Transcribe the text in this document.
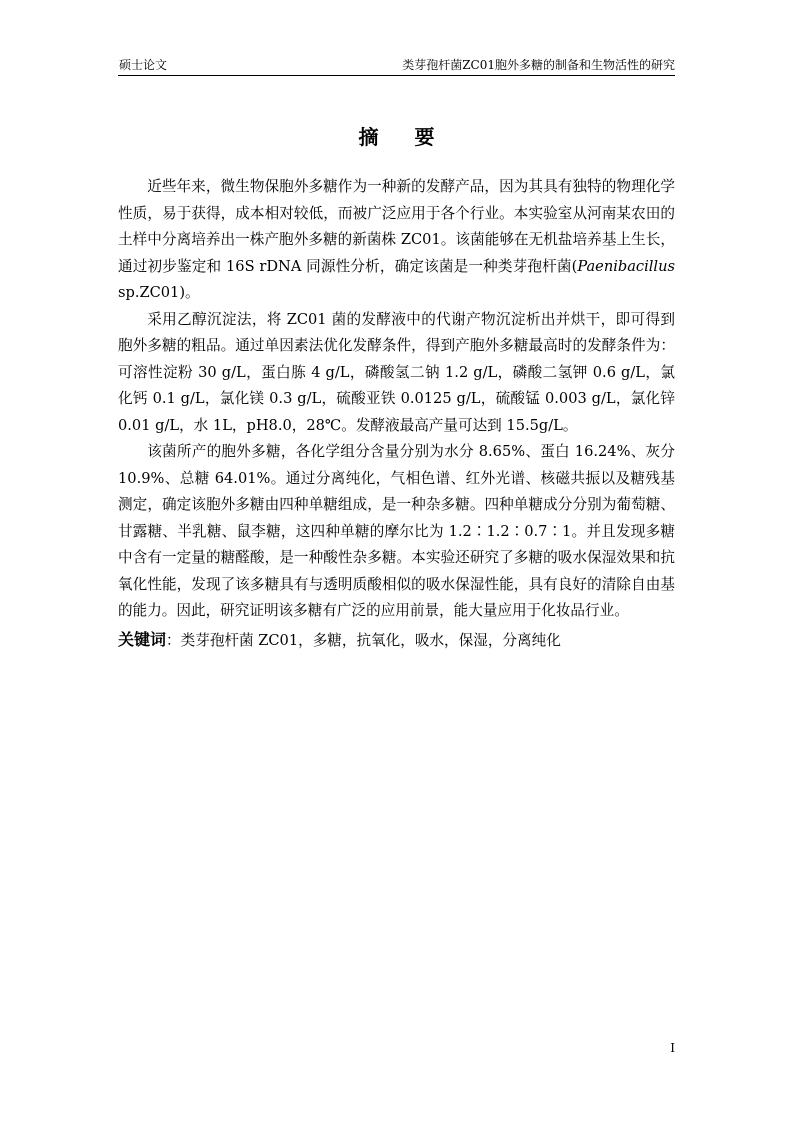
硕士论文	类芽孢杆菌ZC01胞外多糖的制备和生物活性的研究
摘 要

近些年来，微生物保胞外多糖作为一种新的发酵产品，因为其具有独特的物理化学性质，易于获得，成本相对较低，而被广泛应用于各个行业。本实验室从河南某农田的土样中分离培养出一株产胞外多糖的新菌株 ZC01。该菌能够在无机盐培养基上生长，通过初步鉴定和 16S rDNA 同源性分析，确定该菌是一种类芽孢杆菌(Paenibacillus sp.ZC01)。

采用乙醇沉淀法，将 ZC01 菌的发酵液中的代谢产物沉淀析出并烘干，即可得到胞外多糖的粗品。通过单因素法优化发酵条件，得到产胞外多糖最高时的发酵条件为：可溶性淀粉 30 g/L，蛋白胨 4 g/L，磷酸氢二钠 1.2 g/L，磷酸二氢钾 0.6 g/L，氯化钙 0.1 g/L，氯化镁 0.3 g/L，硫酸亚铁 0.0125 g/L，硫酸锰 0.003 g/L，氯化锌 0.01 g/L，水 1L，pH8.0，28℃。发酵液最高产量可达到 15.5g/L。

该菌所产的胞外多糖，各化学组分含量分别为水分 8.65%、蛋白 16.24%、灰分 10.9%、总糖 64.01%。通过分离纯化，气相色谱、红外光谱、核磁共振以及糖残基测定，确定该胞外多糖由四种单糖组成，是一种杂多糖。四种单糖成分分别为葡萄糖、甘露糖、半乳糖、鼠李糖，这四种单糖的摩尔比为 1.2∶1.2∶0.7∶1。并且发现多糖中含有一定量的糖醛酸，是一种酸性杂多糖。本实验还研究了多糖的吸水保湿效果和抗氧化性能，发现了该多糖具有与透明质酸相似的吸水保湿性能，具有良好的清除自由基的能力。因此，研究证明该多糖有广泛的应用前景，能大量应用于化妆品行业。

关键词：类芽孢杆菌 ZC01，多糖，抗氧化，吸水，保湿，分离纯化
I
